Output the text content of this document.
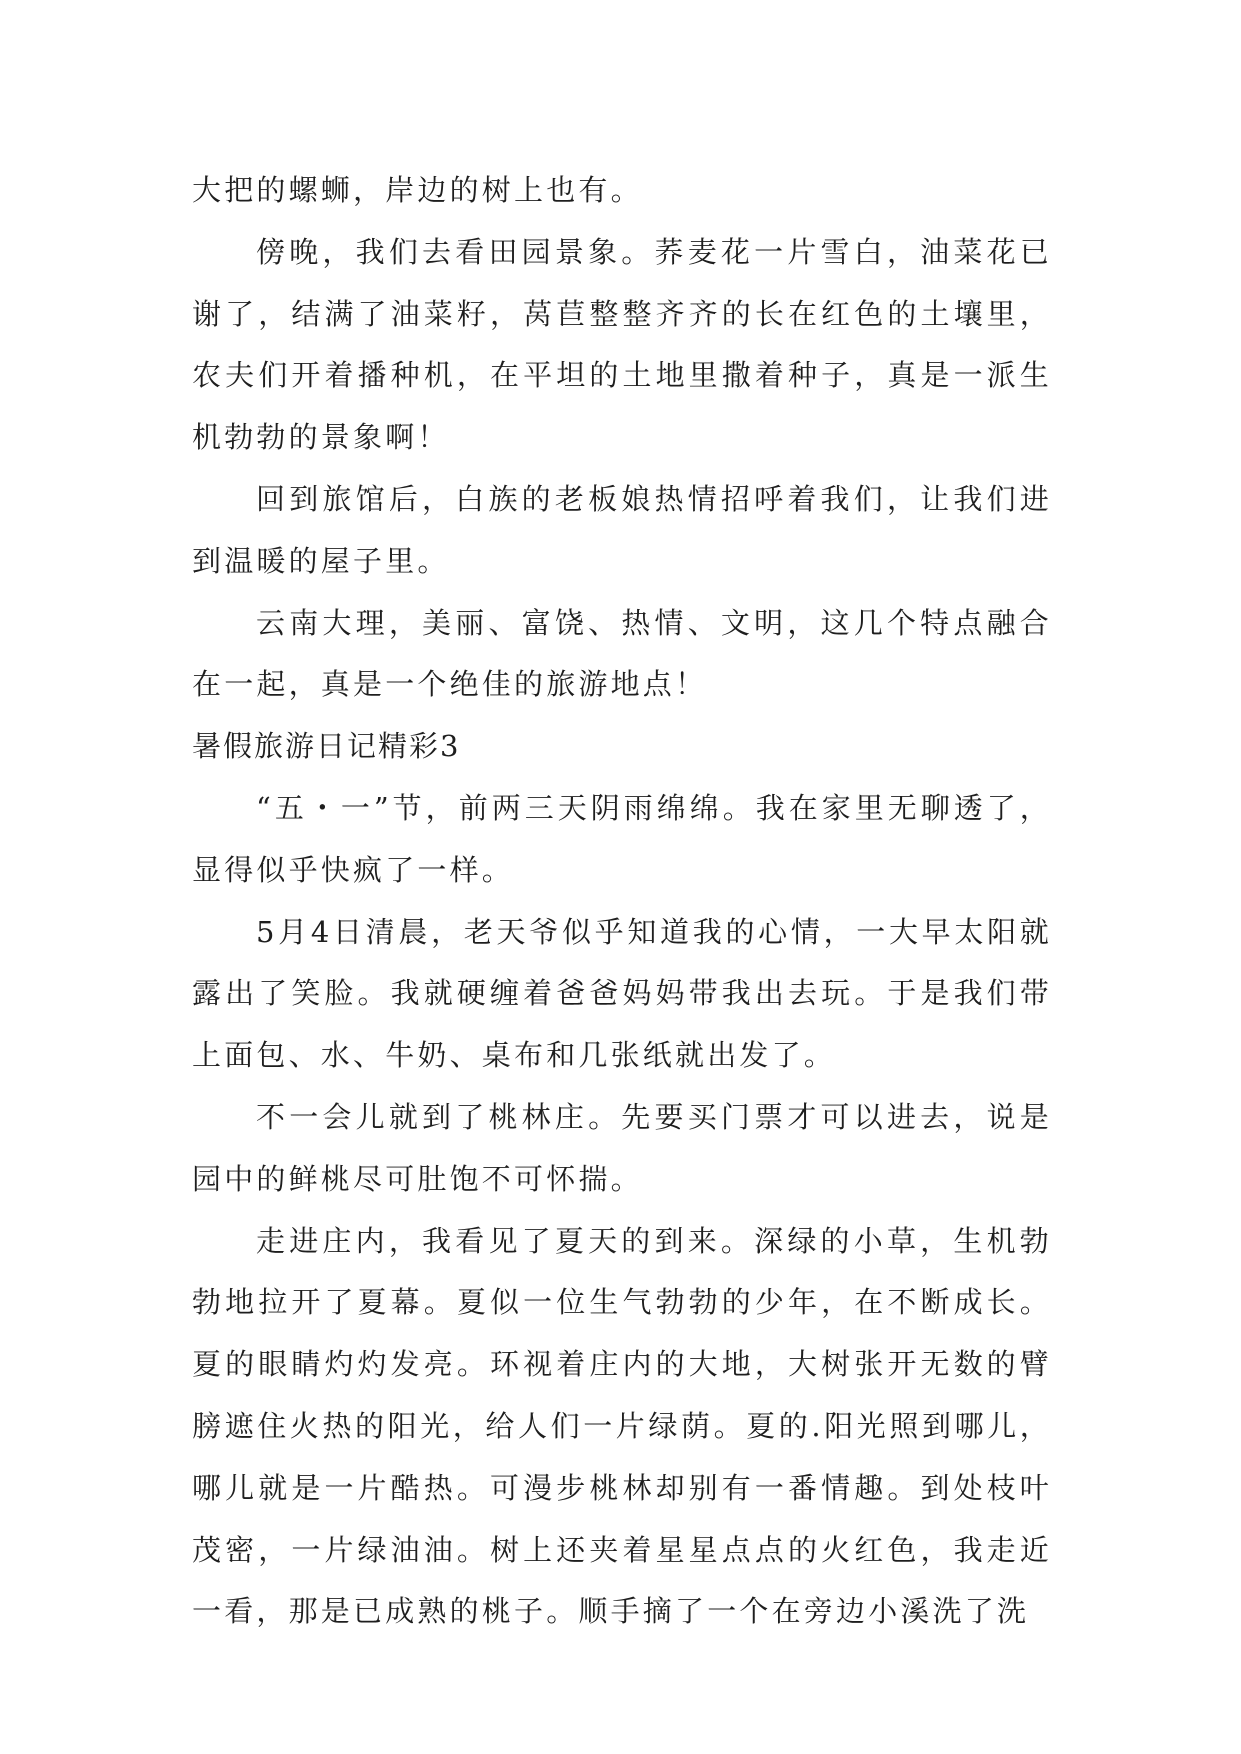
大把的螺蛳，岸边的树上也有。

傍晚，我们去看田园景象。荞麦花一片雪白，油菜花已谢了，结满了油菜籽，莴苣整整齐齐的长在红色的土壤里，农夫们开着播种机，在平坦的土地里撒着种子，真是一派生机勃勃的景象啊！

回到旅馆后，白族的老板娘热情招呼着我们，让我们进到温暖的屋子里。

云南大理，美丽、富饶、热情、文明，这几个特点融合在一起，真是一个绝佳的旅游地点！

暑假旅游日记精彩3

“五・一”节，前两三天阴雨绵绵。我在家里无聊透了，显得似乎快疯了一样。

5月4日清晨，老天爷似乎知道我的心情，一大早太阳就露出了笑脸。我就硬缠着爸爸妈妈带我出去玩。于是我们带上面包、水、牛奶、桌布和几张纸就出发了。

不一会儿就到了桃林庄。先要买门票才可以进去，说是园中的鲜桃尽可肚饱不可怀揣。

走进庄内，我看见了夏天的到来。深绿的小草，生机勃勃地拉开了夏幕。夏似一位生气勃勃的少年，在不断成长。夏的眼睛灼灼发亮。环视着庄内的大地，大树张开无数的臂膀遮住火热的阳光，给人们一片绿荫。夏的.阳光照到哪儿，哪儿就是一片酷热。可漫步桃林却别有一番情趣。到处枝叶茂密，一片绿油油。树上还夹着星星点点的火红色，我走近一看，那是已成熟的桃子。顺手摘了一个在旁边小溪洗了洗
